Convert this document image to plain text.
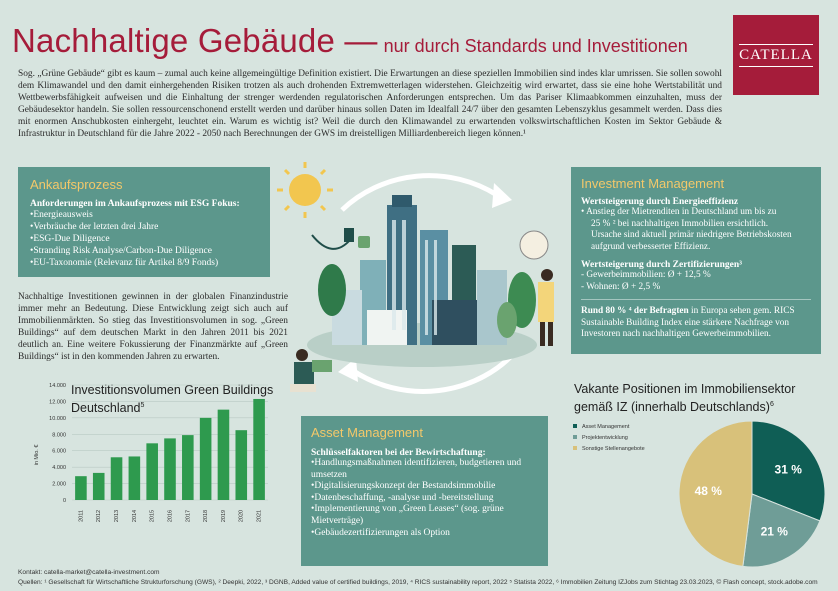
Nachhaltige Gebäude — nur durch Standards und Investitionen	CATELLA

Sog. „Grüne Gebäude“ gibt es kaum – zumal auch keine allgemeingültige Definition existiert. Die Erwartungen an diese speziellen Immobilien sind indes klar umrissen. Sie sollen sowohl dem Klimawandel und den damit einhergehenden Risiken trotzen als auch drohenden Extremwetterlagen widerstehen. Gleichzeitig wird erwartet, dass sie eine hohe Wertstabilität und Wettbewerbsfähigkeit aufweisen und die Einhaltung der strenger werdenden regulatorischen Anforderungen entsprechen. Um das Pariser Klimaabkommen einzuhalten, muss der Gebäudesektor handeln. Sie sollen ressourcenschonend erstellt werden und darüber hinaus sollen Daten im Idealfall 24/7 über den gesamten Lebenszyklus gesammelt werden. Dass dies mit enormen Anschubkosten einhergeht, leuchtet ein. Warum es wichtig ist? Weil die durch den Klimawandel zu erwartenden volkswirtschaftlichen Kosten im Sektor Gebäude & Infrastruktur in Deutschland für die Jahre 2022 - 2050 nach Berechnungen der GWS im dreistelligen Milliardenbereich liegen können.¹

Ankaufsprozess
Anforderungen im Ankaufsprozess mit ESG Fokus:
• Energieausweis
• Verbräuche der letzten drei Jahre
• ESG-Due Diligence
• Stranding Risk Analyse/Carbon-Due Diligence
• EU-Taxonomie (Relevanz für Artikel 8/9 Fonds)

Nachhaltige Investitionen gewinnen in der globalen Finanzindustrie immer mehr an Bedeutung. Diese Entwicklung zeigt sich auch auf Immobilienmärkten. So stieg das Investitionsvolumen in sog. „Green Buildings“ auf dem deutschen Markt in den Jahren 2011 bis 2021 deutlich an. Eine weitere Fokussierung der Finanzmärkte auf „Green Buildings“ ist in den kommenden Jahren zu erwarten.

Investment Management
Wertsteigerung durch Energieeffizienz
• Anstieg der Mietrenditen in Deutschland um bis zu
25 % ² bei nachhaltigen Immobilien ersichtlich.
Ursache sind aktuell primär niedrigere Betriebskosten
aufgrund verbesserter Effizienz.
Wertsteigerung durch Zertifizierungen³
- Gewerbeimmobilien: Ø + 12,5 %
- Wohnen: Ø + 2,5 %
Rund 80 % ⁴ der Befragten in Europa sehen gem. RICS Sustainable Building Index eine stärkere Nachfrage von Investoren nach nachhaltigen Gewerbeimmobilien.
Asset Management
Schlüsselfaktoren bei der Bewirtschaftung:
• Handlungsmaßnahmen identifizieren, budgetieren und umsetzen
• Digitalisierungskonzept der Bestandsimmobilie
• Datenbeschaffung, -analyse und -bereitstellung
• Implementierung von „Green Leases“ (sog. grüne Mietverträge)
• Gebäudezertifizierungen als Option
Investitionsvolumen Green Buildings
Deutschland$^5$
0
2.000
4.000
6.000
8.000
10.000
12.000
14.000
in Mio. €
2011 2012 2013 2014 2015 2016 2017 2018 2019 2020 2021
Vakante Positionen im Immobiliensektor
gemäß IZ (innerhalb Deutschlands)$^6$
31 %
21 %
48 %
Asset Management
Projektentwicklung
Sonstige Stellenangebote
Kontakt: catella-market@catella-investment.com
Quellen: ¹ Gesellschaft für Wirtschaftliche Strukturforschung (GWS), ² Deepki, 2022, ³ DGNB, Added value of certified buildings, 2019, ⁴ RICS sustainability report, 2022 ⁵ Statista 2022, ⁶ Immobilien Zeitung IZJobs zum Stichtag 23.03.2023, © Flash concept, stock.adobe.com
